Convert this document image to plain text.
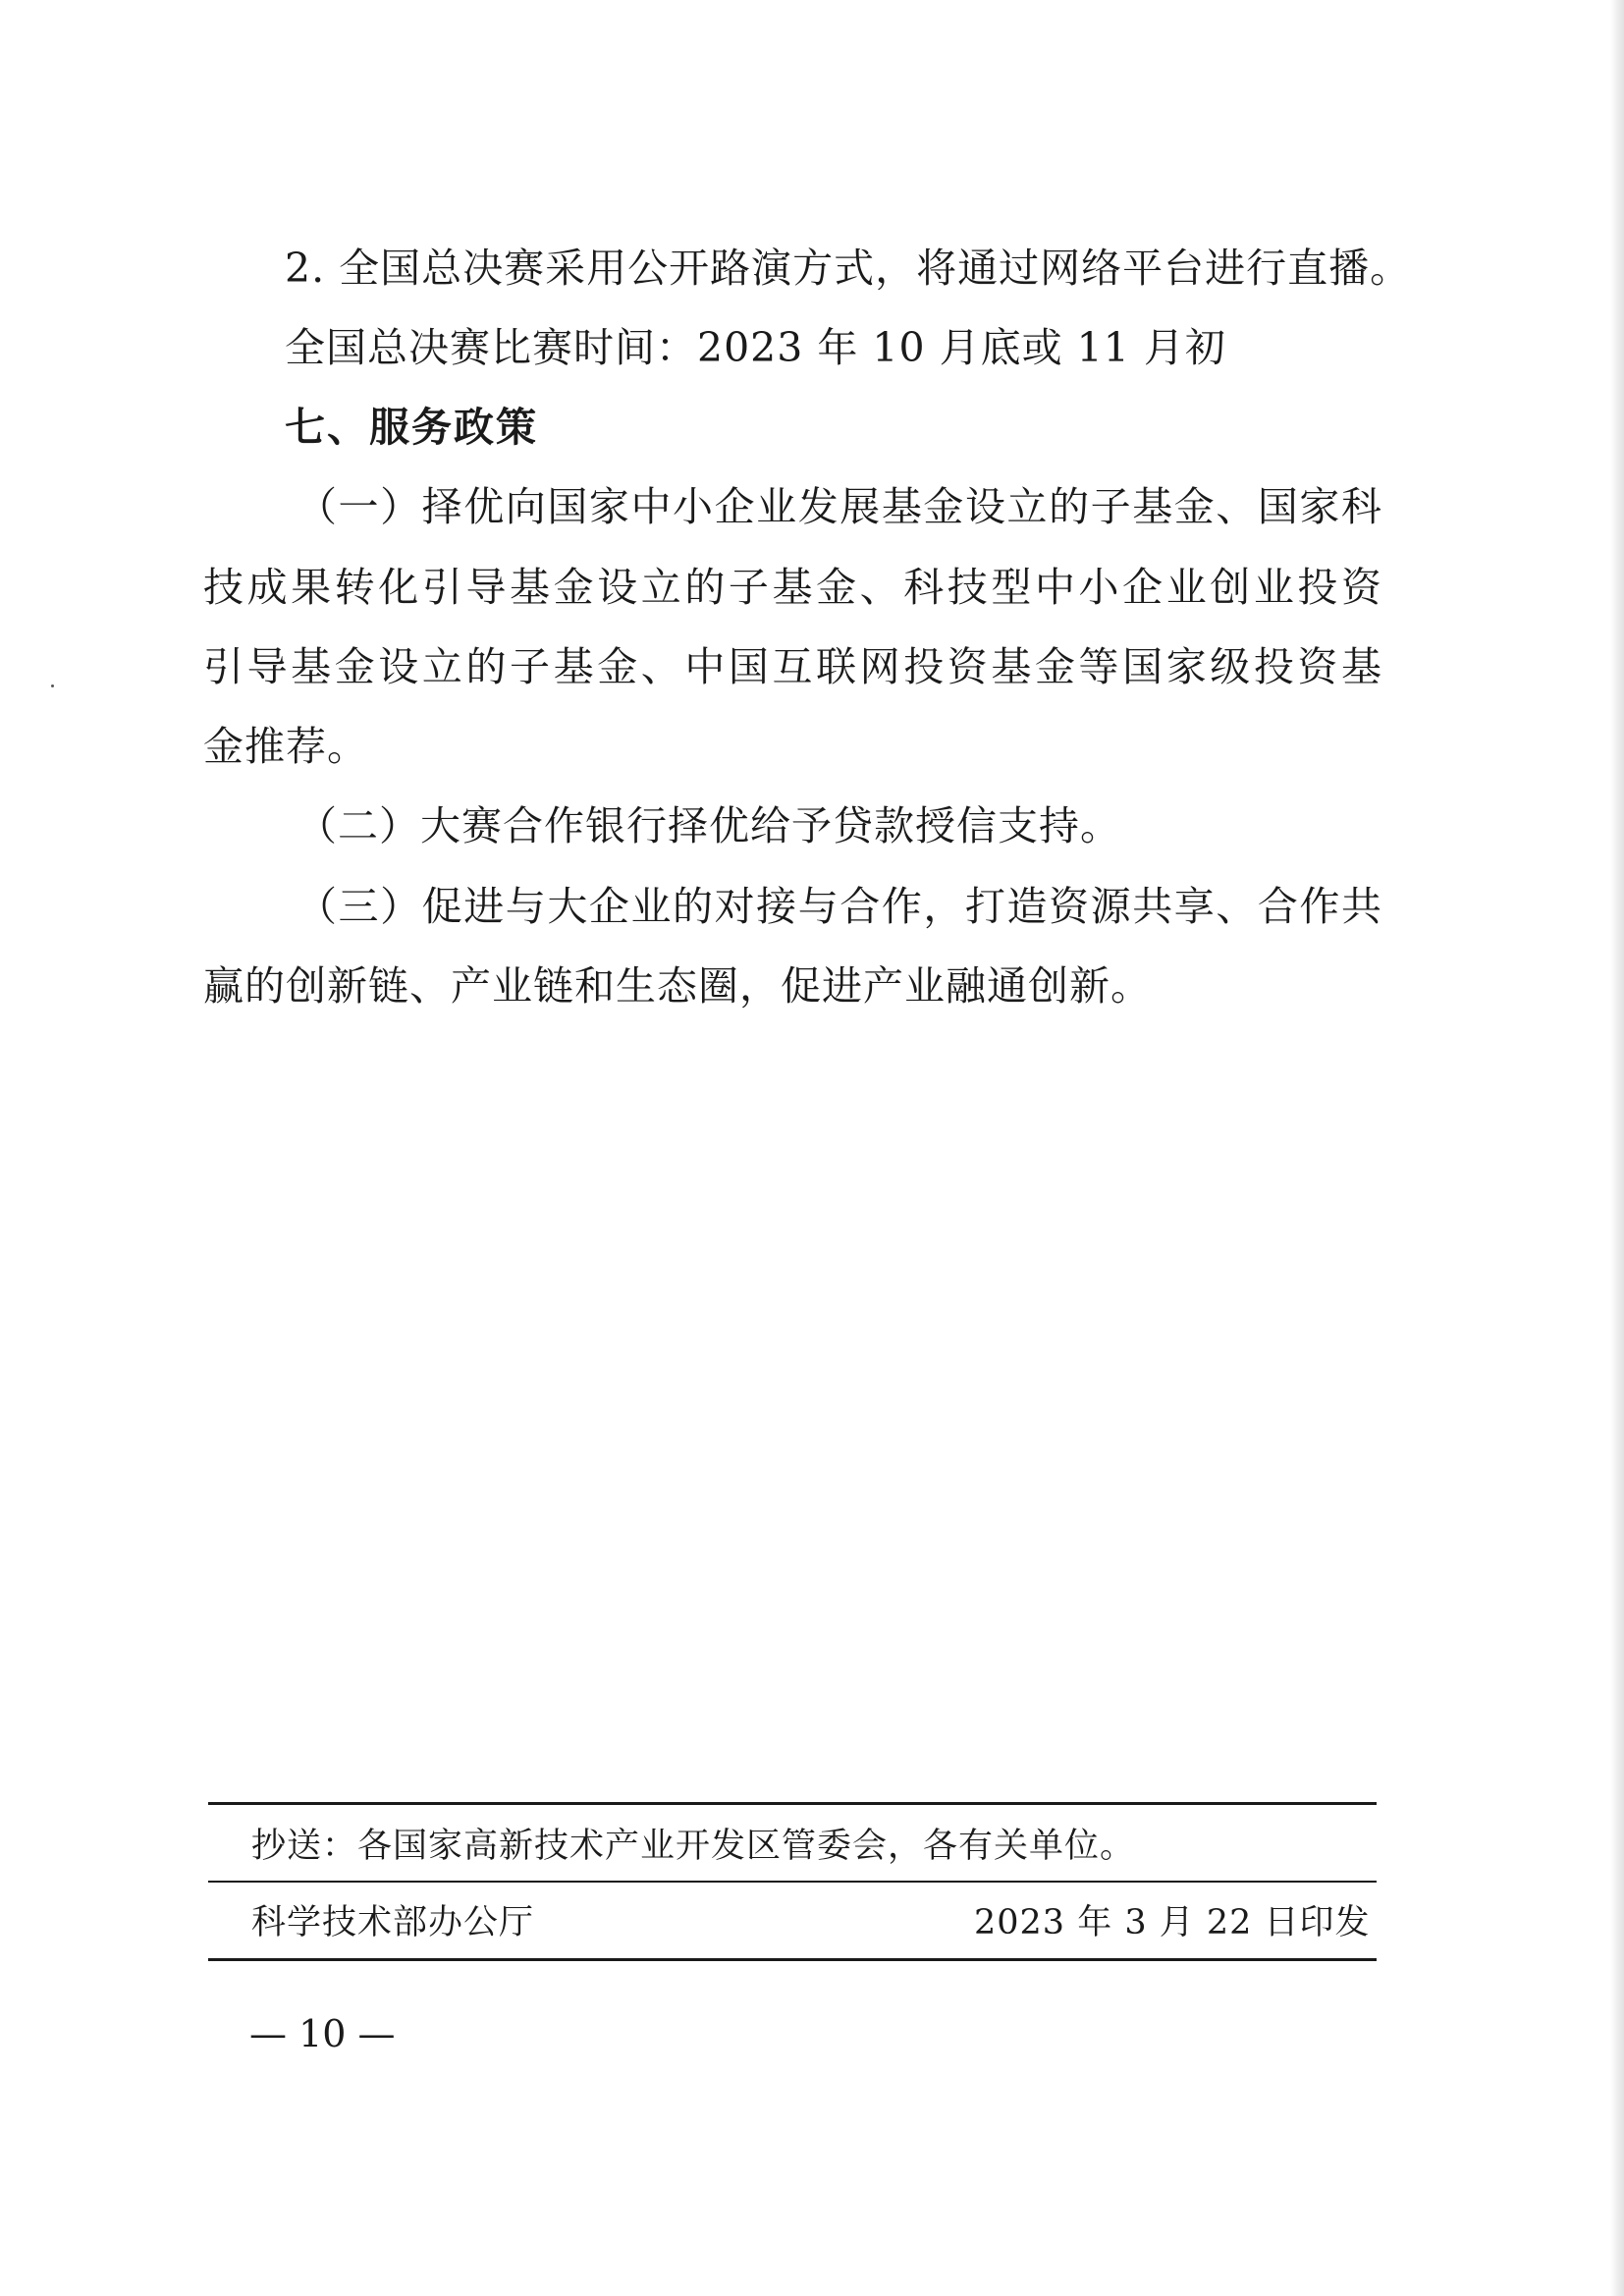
2. 全国总决赛采用公开路演方式，将通过网络平台进行直播。
全国总决赛比赛时间：2023 年 10 月底或 11 月初
七、服务政策
（一）择优向国家中小企业发展基金设立的子基金、国家科
技成果转化引导基金设立的子基金、科技型中小企业创业投资
引导基金设立的子基金、中国互联网投资基金等国家级投资基
金推荐。
（二）大赛合作银行择优给予贷款授信支持。
（三）促进与大企业的对接与合作，打造资源共享、合作共
赢的创新链、产业链和生态圈，促进产业融通创新。
抄送：各国家高新技术产业开发区管委会，各有关单位。
科学技术部办公厅	2023 年 3 月 22 日印发
— 10 —
